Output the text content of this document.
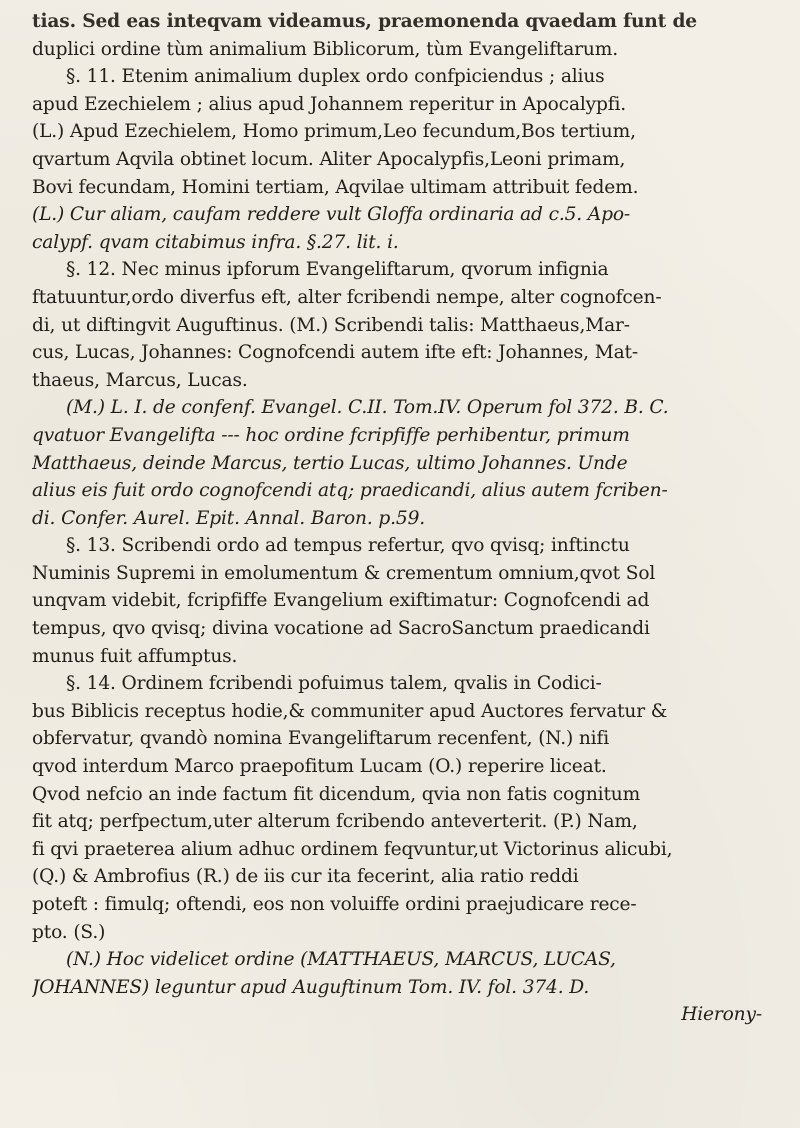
tias. Sed eas inteqvam videamus, praemonenda qvaedam funt de
duplici ordine tùm animalium Biblicorum, tùm Evangeliftarum.
§. 11. Etenim animalium duplex ordo confpiciendus ; alius
apud Ezechielem ; alius apud Johannem reperitur in Apocalypfi.
(L.) Apud Ezechielem, Homo primum,Leo fecundum,Bos tertium,
qvartum Aqvila obtinet locum. Aliter Apocalypfis,Leoni primam,
Bovi fecundam, Homini tertiam, Aqvilae ultimam attribuit fedem.
(L.) Cur aliam, caufam reddere vult Gloffa ordinaria ad c.5. Apo-
calypf. qvam citabimus infra. §.27. lit. i.
§. 12. Nec minus ipforum Evangeliftarum, qvorum infignia
ftatuuntur,ordo diverfus eft, alter fcribendi nempe, alter cognofcen-
di, ut diftingvit Auguftinus. (M.) Scribendi talis: Matthaeus,Mar-
cus, Lucas, Johannes: Cognofcendi autem ifte eft: Johannes, Mat-
thaeus, Marcus, Lucas.
(M.) L. I. de confenf. Evangel. C.II. Tom.IV. Operum fol 372. B. C.
qvatuor Evangelifta --- hoc ordine fcripfiffe perhibentur, primum
Matthaeus, deinde Marcus, tertio Lucas, ultimo Johannes. Unde
alius eis fuit ordo cognofcendi atq; praedicandi, alius autem fcriben-
di. Confer. Aurel. Epit. Annal. Baron. p.59.
§. 13. Scribendi ordo ad tempus refertur, qvo qvisq; inftinctu
Numinis Supremi in emolumentum & crementum omnium,qvot Sol
unqvam videbit, fcripfiffe Evangelium exiftimatur: Cognofcendi ad
tempus, qvo qvisq; divina vocatione ad SacroSanctum praedicandi
munus fuit affumptus.
§. 14. Ordinem fcribendi pofuimus talem, qvalis in Codici-
bus Biblicis receptus hodie,& communiter apud Auctores fervatur &
obfervatur, qvandò nomina Evangeliftarum recenfent, (N.) nifi
qvod interdum Marco praepofitum Lucam (O.) reperire liceat.
Qvod nefcio an inde factum fit dicendum, qvia non fatis cognitum
fit atq; perfpectum,uter alterum fcribendo anteverterit. (P.) Nam,
fi qvi praeterea alium adhuc ordinem feqvuntur,ut Victorinus alicubi,
(Q.) & Ambrofius (R.) de iis cur ita fecerint, alia ratio reddi
poteft : fimulq; oftendi, eos non voluiffe ordini praejudicare rece-
pto. (S.)
(N.) Hoc videlicet ordine (MATTHAEUS, MARCUS, LUCAS,
JOHANNES) leguntur apud Auguftinum Tom. IV. fol. 374. D.
Hierony-
